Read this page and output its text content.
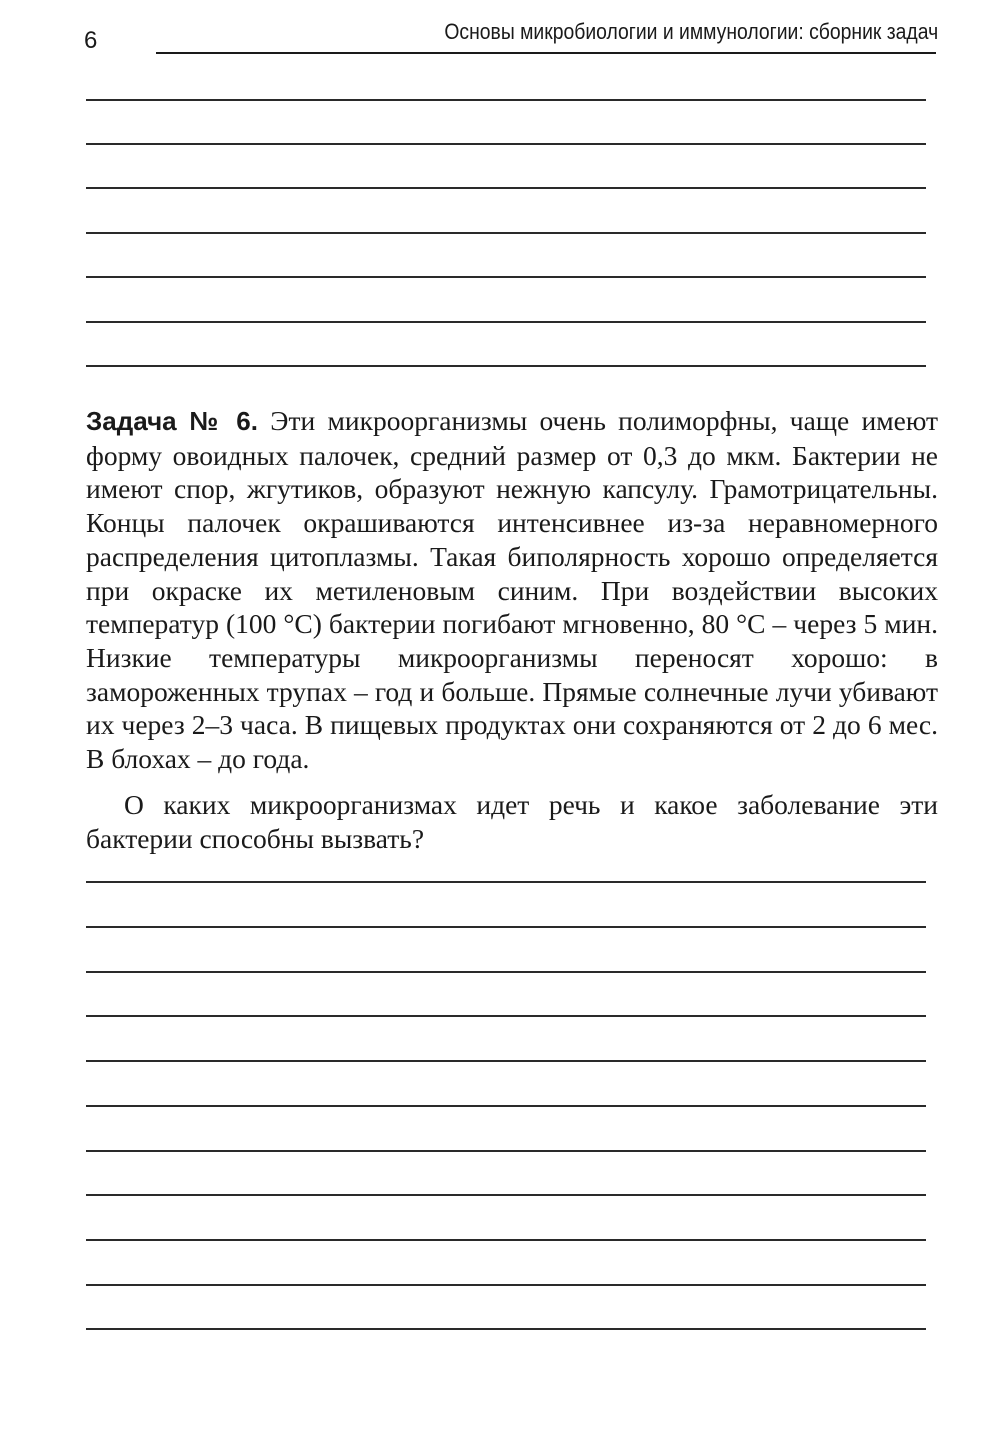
6	Основы микробиологии и иммунологии: сборник задач

Задача № 6. Эти микроорганизмы очень полиморфны, чаще имеют форму овоидных палочек, средний размер от 0,3 до мкм. Бактерии не имеют спор, жгутиков, образуют нежную капсулу. Грамотрицательны. Концы палочек окрашиваются интенсивнее из-за неравномерного распределения цитоплазмы. Такая биполярность хорошо определяется при окраске их метиленовым синим. При воздействии высоких температур (100 °С) бактерии погибают мгновенно, 80 °С – через 5 мин. Низкие температуры микроорганизмы переносят хорошо: в замороженных трупах – год и больше. Прямые солнечные лучи убивают их через 2–3 часа. В пищевых продуктах они сохраняются от 2 до 6 мес. В блохах – до года.

О каких микроорганизмах идет речь и какое заболевание эти бактерии способны вызвать?
